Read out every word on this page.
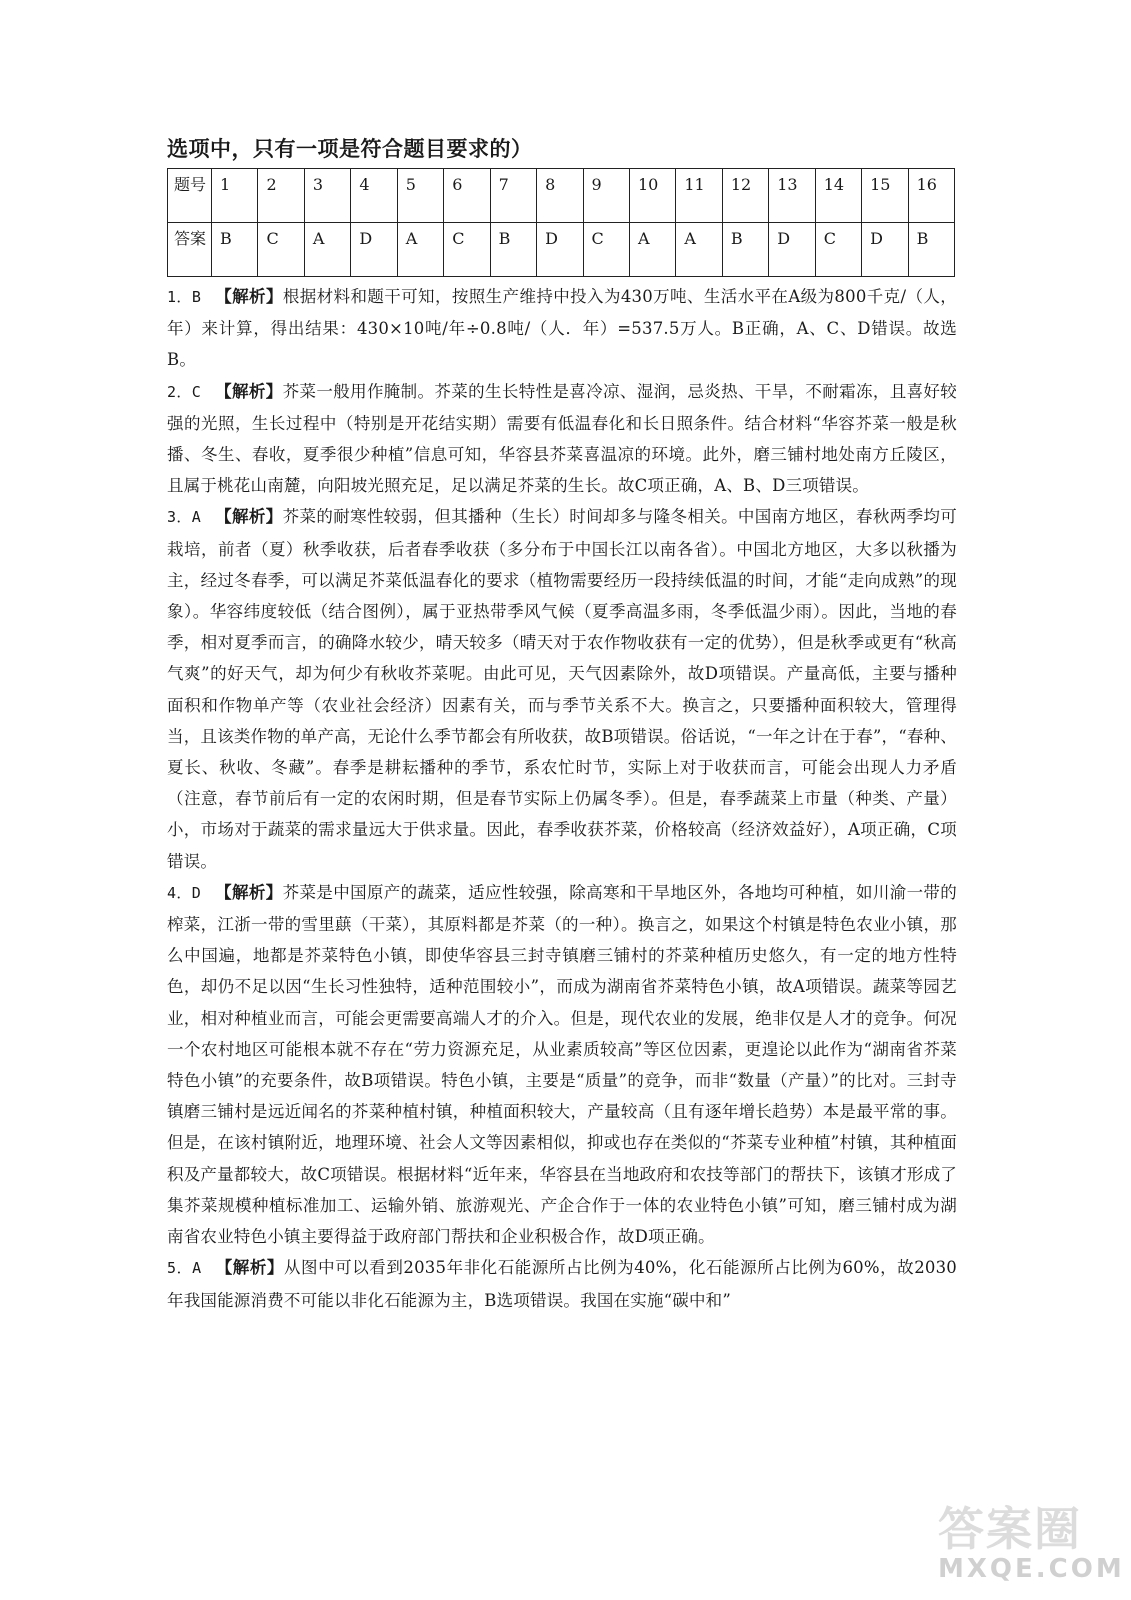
选项中，只有一项是符合题目要求的）
题号	1	2	3	4	5	6	7	8	9	10	11	12	13	14	15	16
答案	B	C	A	D	A	C	B	D	C	A	A	B	D	C	D	B

1．B 【解析】根据材料和题干可知，按照生产维持中投入为430万吨、生活水平在A级为800千克/（人，年）来计算，得出结果：430×10吨/年÷0.8吨/（人．年）=537.5万人。B正确，A、C、D错误。故选B。

2．C 【解析】芥菜一般用作腌制。芥菜的生长特性是喜冷凉、湿润，忌炎热、干旱，不耐霜冻，且喜好较强的光照，生长过程中（特别是开花结实期）需要有低温春化和长日照条件。结合材料“华容芥菜一般是秋播、冬生、春收，夏季很少种植”信息可知，华容县芥菜喜温凉的环境。此外，磨三铺村地处南方丘陵区，且属于桃花山南麓，向阳坡光照充足，足以满足芥菜的生长。故C项正确，A、B、D三项错误。

3．A 【解析】芥菜的耐寒性较弱，但其播种（生长）时间却多与隆冬相关。中国南方地区，春秋两季均可栽培，前者（夏）秋季收获，后者春季收获（多分布于中国长江以南各省）。中国北方地区，大多以秋播为主，经过冬春季，可以满足芥菜低温春化的要求（植物需要经历一段持续低温的时间，才能“走向成熟”的现象）。华容纬度较低（结合图例），属于亚热带季风气候（夏季高温多雨，冬季低温少雨）。因此，当地的春季，相对夏季而言，的确降水较少，晴天较多（晴天对于农作物收获有一定的优势），但是秋季或更有“秋高气爽”的好天气，却为何少有秋收芥菜呢。由此可见，天气因素除外，故D项错误。产量高低，主要与播种面积和作物单产等（农业社会经济）因素有关，而与季节关系不大。换言之，只要播种面积较大，管理得当，且该类作物的单产高，无论什么季节都会有所收获，故B项错误。俗话说，“一年之计在于春”，“春种、夏长、秋收、冬藏”。春季是耕耘播种的季节，系农忙时节，实际上对于收获而言，可能会出现人力矛盾（注意，春节前后有一定的农闲时期，但是春节实际上仍属冬季）。但是，春季蔬菜上市量（种类、产量）小，市场对于蔬菜的需求量远大于供求量。因此，春季收获芥菜，价格较高（经济效益好），A项正确，C项错误。

4．D 【解析】芥菜是中国原产的蔬菜，适应性较强，除高寒和干旱地区外，各地均可种植，如川渝一带的榨菜，江浙一带的雪里蕻（干菜），其原料都是芥菜（的一种）。换言之，如果这个村镇是特色农业小镇，那么中国遍，地都是芥菜特色小镇，即使华容县三封寺镇磨三铺村的芥菜种植历史悠久，有一定的地方性特色，却仍不足以因“生长习性独特，适种范围较小”，而成为湖南省芥菜特色小镇，故A项错误。蔬菜等园艺业，相对种植业而言，可能会更需要高端人才的介入。但是，现代农业的发展，绝非仅是人才的竞争。何况一个农村地区可能根本就不存在“劳力资源充足，从业素质较高”等区位因素，更遑论以此作为“湖南省芥菜特色小镇”的充要条件，故B项错误。特色小镇，主要是“质量”的竞争，而非“数量（产量）”的比对。三封寺镇磨三铺村是远近闻名的芥菜种植村镇，种植面积较大，产量较高（且有逐年增长趋势）本是最平常的事。但是，在该村镇附近，地理环境、社会人文等因素相似，抑或也存在类似的“芥菜专业种植”村镇，其种植面积及产量都较大，故C项错误。根据材料“近年来，华容县在当地政府和农技等部门的帮扶下，该镇才形成了集芥菜规模种植标准加工、运输外销、旅游观光、产企合作于一体的农业特色小镇”可知，磨三铺村成为湖南省农业特色小镇主要得益于政府部门帮扶和企业积极合作，故D项正确。

5．A 【解析】从图中可以看到2035年非化石能源所占比例为40%，化石能源所占比例为60%，故2030年我国能源消费不可能以非化石能源为主，B选项错误。我国在实施“碳中和”

答案圈
MXQE.COM
